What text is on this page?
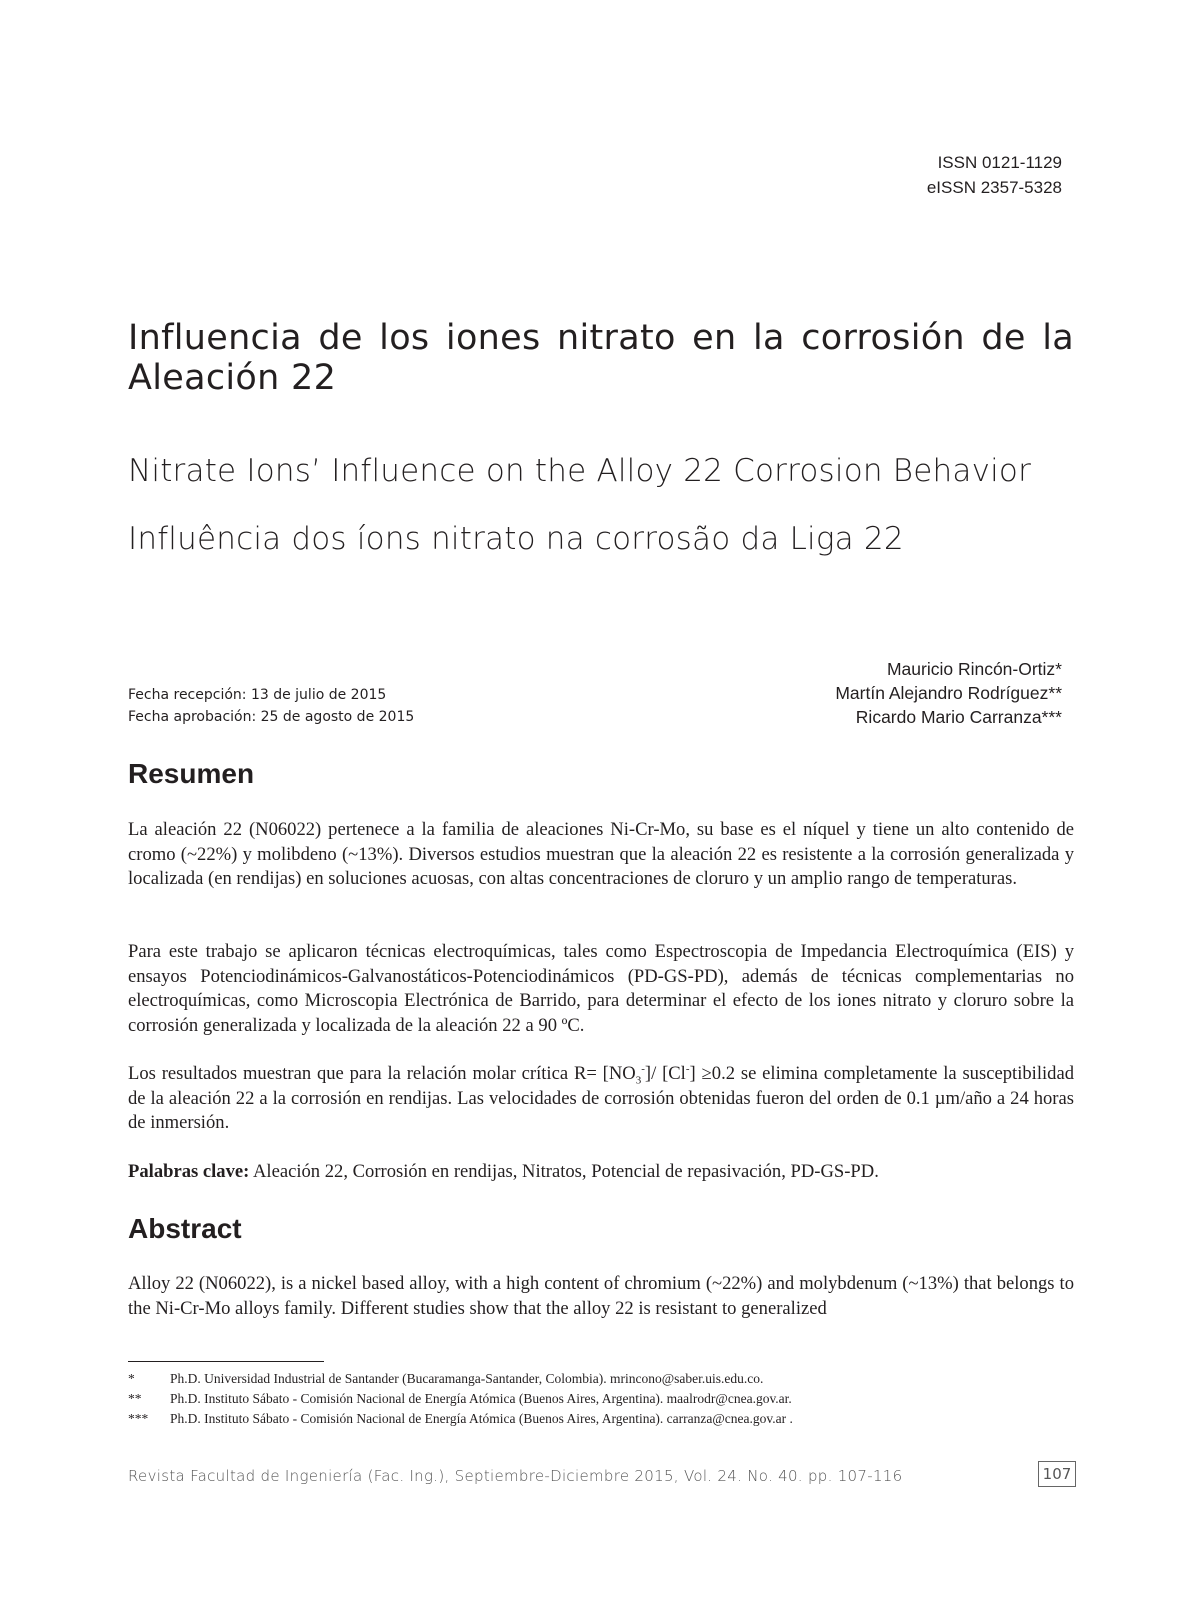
ISSN 0121-1129
eISSN 2357-5328
Influencia de los iones nitrato en la corrosión de la Aleación 22

Nitrate Ions’ Influence on the Alloy 22 Corrosion Behavior

Influência dos íons nitrato na corrosão da Liga 22

Fecha recepción: 13 de julio de 2015
Fecha aprobación: 25 de agosto de 2015
Mauricio Rincón-Ortiz*
Martín Alejandro Rodríguez**
Ricardo Mario Carranza***
Resumen

La aleación 22 (N06022) pertenece a la familia de aleaciones Ni-Cr-Mo, su base es el níquel y tiene un alto contenido de cromo (~22%) y molibdeno (~13%). Diversos estudios muestran que la aleación 22 es resistente a la corrosión generalizada y localizada (en rendijas) en soluciones acuosas, con altas concentraciones de cloruro y un amplio rango de temperaturas.

Para este trabajo se aplicaron técnicas electroquímicas, tales como Espectroscopia de Impedancia Electroquímica (EIS) y ensayos Potenciodinámicos-Galvanostáticos-Potenciodinámicos (PD-GS-PD), además de técnicas complementarias no electroquímicas, como Microscopia Electrónica de Barrido, para determinar el efecto de los iones nitrato y cloruro sobre la corrosión generalizada y localizada de la aleación 22 a 90 ºC.

Los resultados muestran que para la relación molar crítica $R= [NO_3^-]/$ [Cl-] ≥0.2 se elimina completamente la susceptibilidad de la aleación 22 a la corrosión en rendijas. Las velocidades de corrosión obtenidas fueron del orden de 0.1 µm/año a 24 horas de inmersión.

Palabras clave: Aleación 22, Corrosión en rendijas, Nitratos, Potencial de repasivación, PD-GS-PD.

Abstract

Alloy 22 (N06022), is a nickel based alloy, with a high content of chromium (~22%) and molybdenum (~13%) that belongs to the Ni-Cr-Mo alloys family. Different studies show that the alloy 22 is resistant to generalized

*	Ph.D. Universidad Industrial de Santander (Bucaramanga-Santander, Colombia). mrincono@saber.uis.edu.co.
** Ph.D. Instituto Sábato - Comisión Nacional de Energía Atómica (Buenos Aires, Argentina). maalrodr@cnea.gov.ar.
*** Ph.D. Instituto Sábato - Comisión Nacional de Energía Atómica (Buenos Aires, Argentina). carranza@cnea.gov.ar .
Revista Facultad de Ingeniería (Fac. Ing.), Septiembre-Diciembre 2015, Vol. 24. No. 40. pp. 107-116	107
